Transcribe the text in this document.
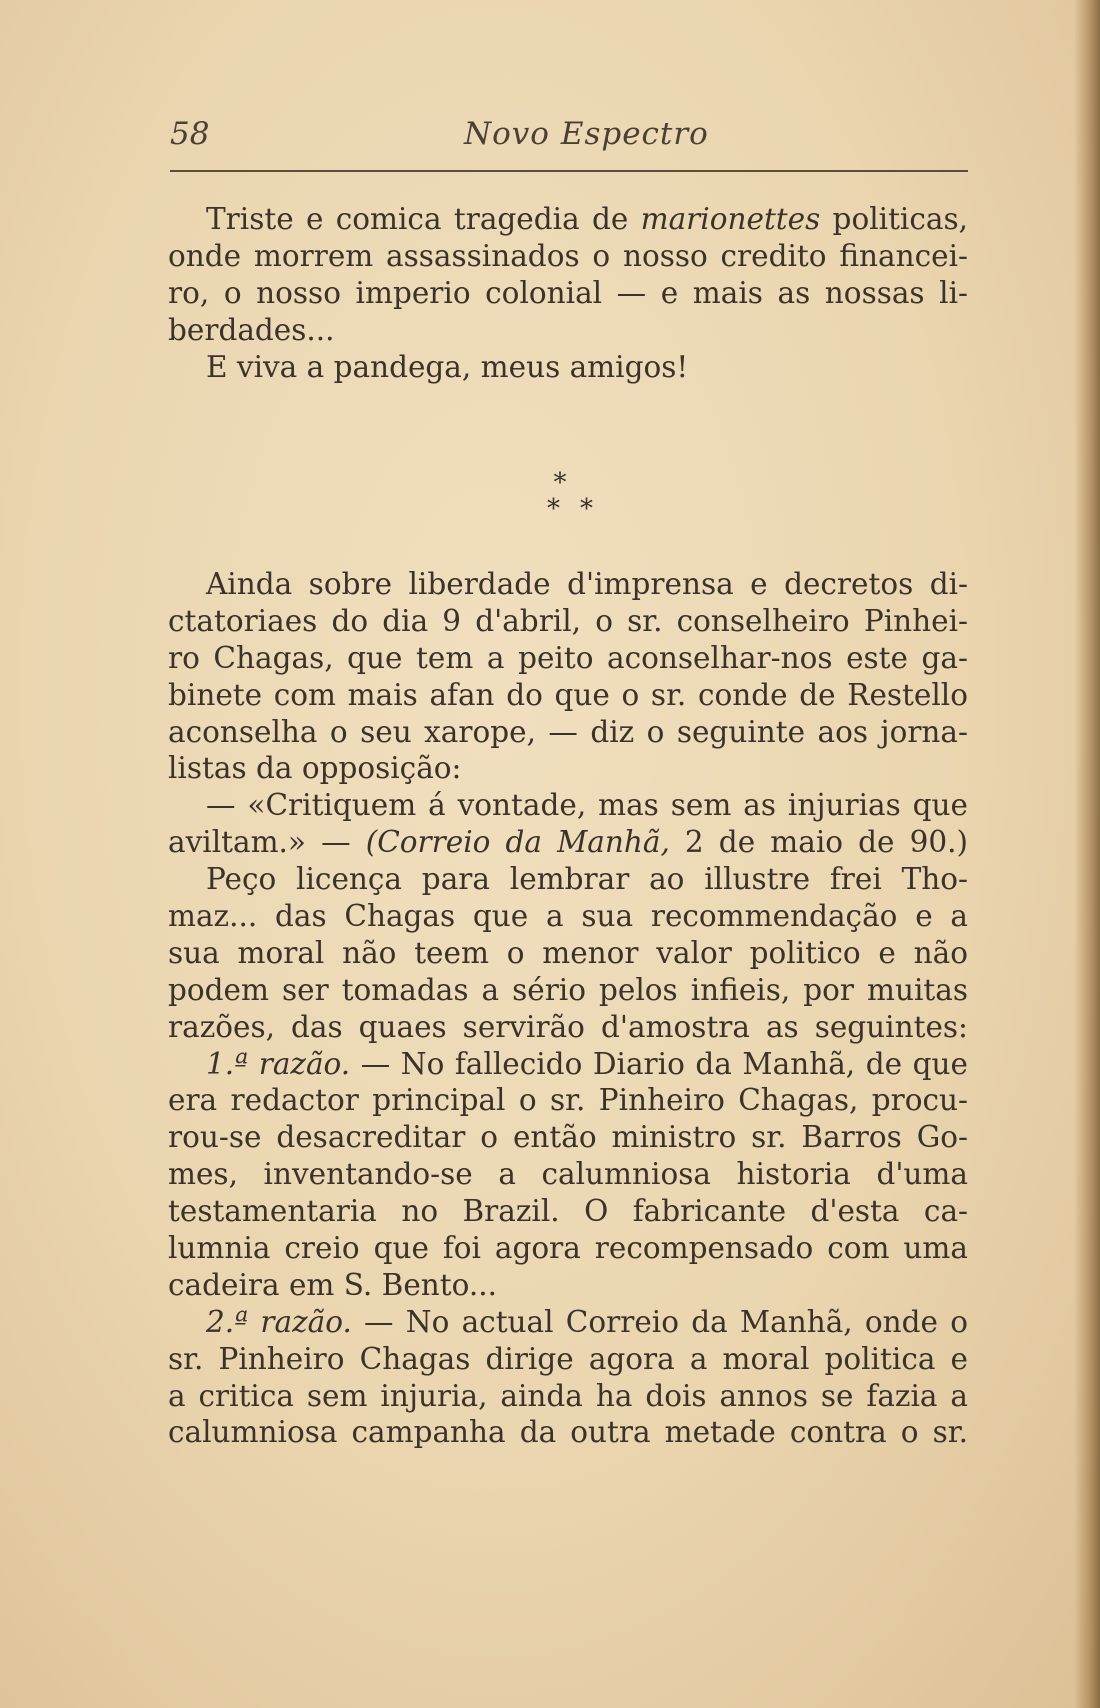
58	Novo Espectro
Triste e comica tragedia de marionettes politicas,
onde morrem assassinados o nosso credito financei-
ro, o nosso imperio colonial — e mais as nossas li-
berdades...
E viva a pandega, meus amigos!
*
**
Ainda sobre liberdade d'imprensa e decretos di-
ctatoriaes do dia 9 d'abril, o sr. conselheiro Pinhei-
ro Chagas, que tem a peito aconselhar-nos este ga-
binete com mais afan do que o sr. conde de Restello
aconselha o seu xarope, — diz o seguinte aos jorna-
listas da opposição:
— «Critiquem á vontade, mas sem as injurias que
aviltam.» — (Correio da Manhã, 2 de maio de 90.)
Peço licença para lembrar ao illustre frei Tho-
maz... das Chagas que a sua recommendação e a
sua moral não teem o menor valor politico e não
podem ser tomadas a sério pelos infieis, por muitas
razões, das quaes servirão d'amostra as seguintes:
1.ª razão. — No fallecido Diario da Manhã, de que
era redactor principal o sr. Pinheiro Chagas, procu-
rou-se desacreditar o então ministro sr. Barros Go-
mes, inventando-se a calumniosa historia d'uma
testamentaria no Brazil. O fabricante d'esta ca-
lumnia creio que foi agora recompensado com uma
cadeira em S. Bento...
2.ª razão. — No actual Correio da Manhã, onde o
sr. Pinheiro Chagas dirige agora a moral politica e
a critica sem injuria, ainda ha dois annos se fazia a
calumniosa campanha da outra metade contra o sr.
